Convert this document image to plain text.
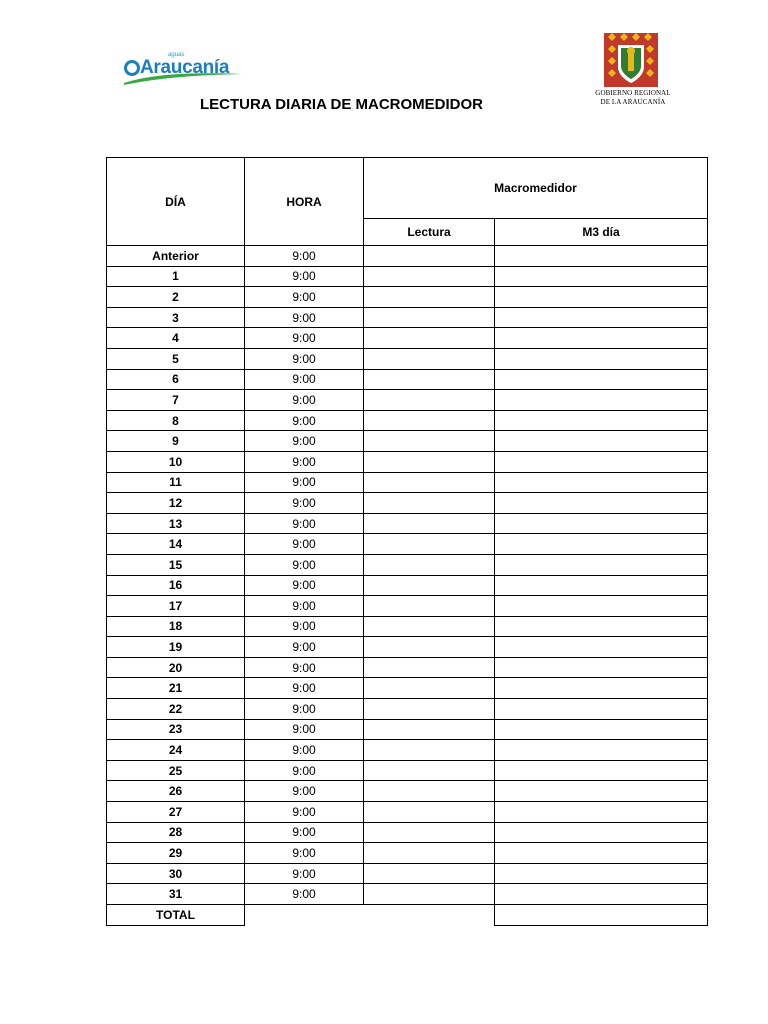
aguas
Araucanía
GOBIERNO REGIONAL
DE LA ARAUCANÍA
LECTURA DIARIA DE MACROMEDIDOR
DÍA	HORA	Macromedidor	
		Lectura	M3 día
Anterior	9:00		
1	9:00		
2	9:00		
3	9:00		
4	9:00		
5	9:00		
6	9:00		
7	9:00		
8	9:00		
9	9:00		
10	9:00		
11	9:00		
12	9:00		
13	9:00		
14	9:00		
15	9:00		
16	9:00		
17	9:00		
18	9:00		
19	9:00		
20	9:00		
21	9:00		
22	9:00		
23	9:00		
24	9:00		
25	9:00		
26	9:00		
27	9:00		
28	9:00		
29	9:00		
30	9:00		
31	9:00		
TOTAL			
